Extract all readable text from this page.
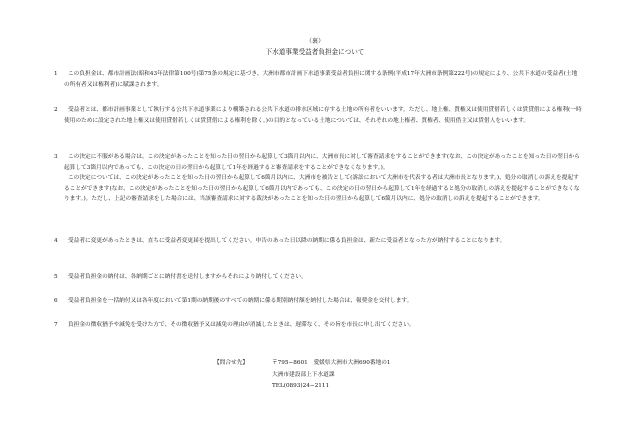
（裏）
下水道事業受益者負担金について
1	この負担金は、都市計画法(昭和43年法律第100号)第75条の規定に基づき、大洲市都市計画下水道事業受益者負担に関する条例(平成17年大洲市条例第222号)の規定により、公共下水道の受益者(土地の所有者又は権利者)に賦課されます。

2	受益者とは、都市計画事業として執行する公共下水道事業により構築される公共下水道の排水区域に存する土地の所有者をいいます。ただし、地上権、質権又は使用貸借若しくは賃貸借による権利(一時使用のために設定された地上権又は使用貸借若しくは賃貸借による権利を除く。)の目的となっている土地については、それぞれの地上権者、質権者、使用借主又は賃借人をいいます。

3	この決定に不服がある場合は、この決定があったことを知った日の翌日から起算して3箇月以内に、大洲市長に対して審査請求をすることができます(なお、この決定があったことを知った日の翌日から起算して3箇月以内であっても、この決定の日の翌日から起算して1年を経過すると審査請求をすることができなくなります。)。

この決定については、この決定があったことを知った日の翌日から起算して6箇月以内に、大洲市を被告として(訴訟において大洲市を代表する者は大洲市長となります。)、処分の取消しの訴えを提起することができます(なお、この決定があったことを知った日の翌日から起算して6箇月以内であっても、この決定の日の翌日から起算して1年を経過すると処分の取消しの訴えを提起することができなくなります。)。ただし、上記の審査請求をした場合には、当該審査請求に対する裁決があったことを知った日の翌日から起算して6箇月以内に、処分の取消しの訴えを提起することができます。

4	受益者に変更があったときは、直ちに受益者変更届を提出してください。申告のあった日以降の納期に係る負担金は、新たに受益者となった方が納付することになります。

5	受益者負担金の納付は、各納期ごとに納付書を送付しますからそれにより納付してください。

6	受益者負担金を一括納付又は各年度において第1期の納期後のすべての納期に係る期別納付額を納付した場合は、報奨金を交付します。

7	負担金の徴収猶予や減免を受けた方で、その徴収猶予又は減免の理由が消滅したときは、遅滞なく、その旨を市長に申し出てください。

【問合せ先】	〒795−8601　愛媛県大洲市大洲690番地の1
大洲市建設部上下水道課
TEL(0893)24−2111
